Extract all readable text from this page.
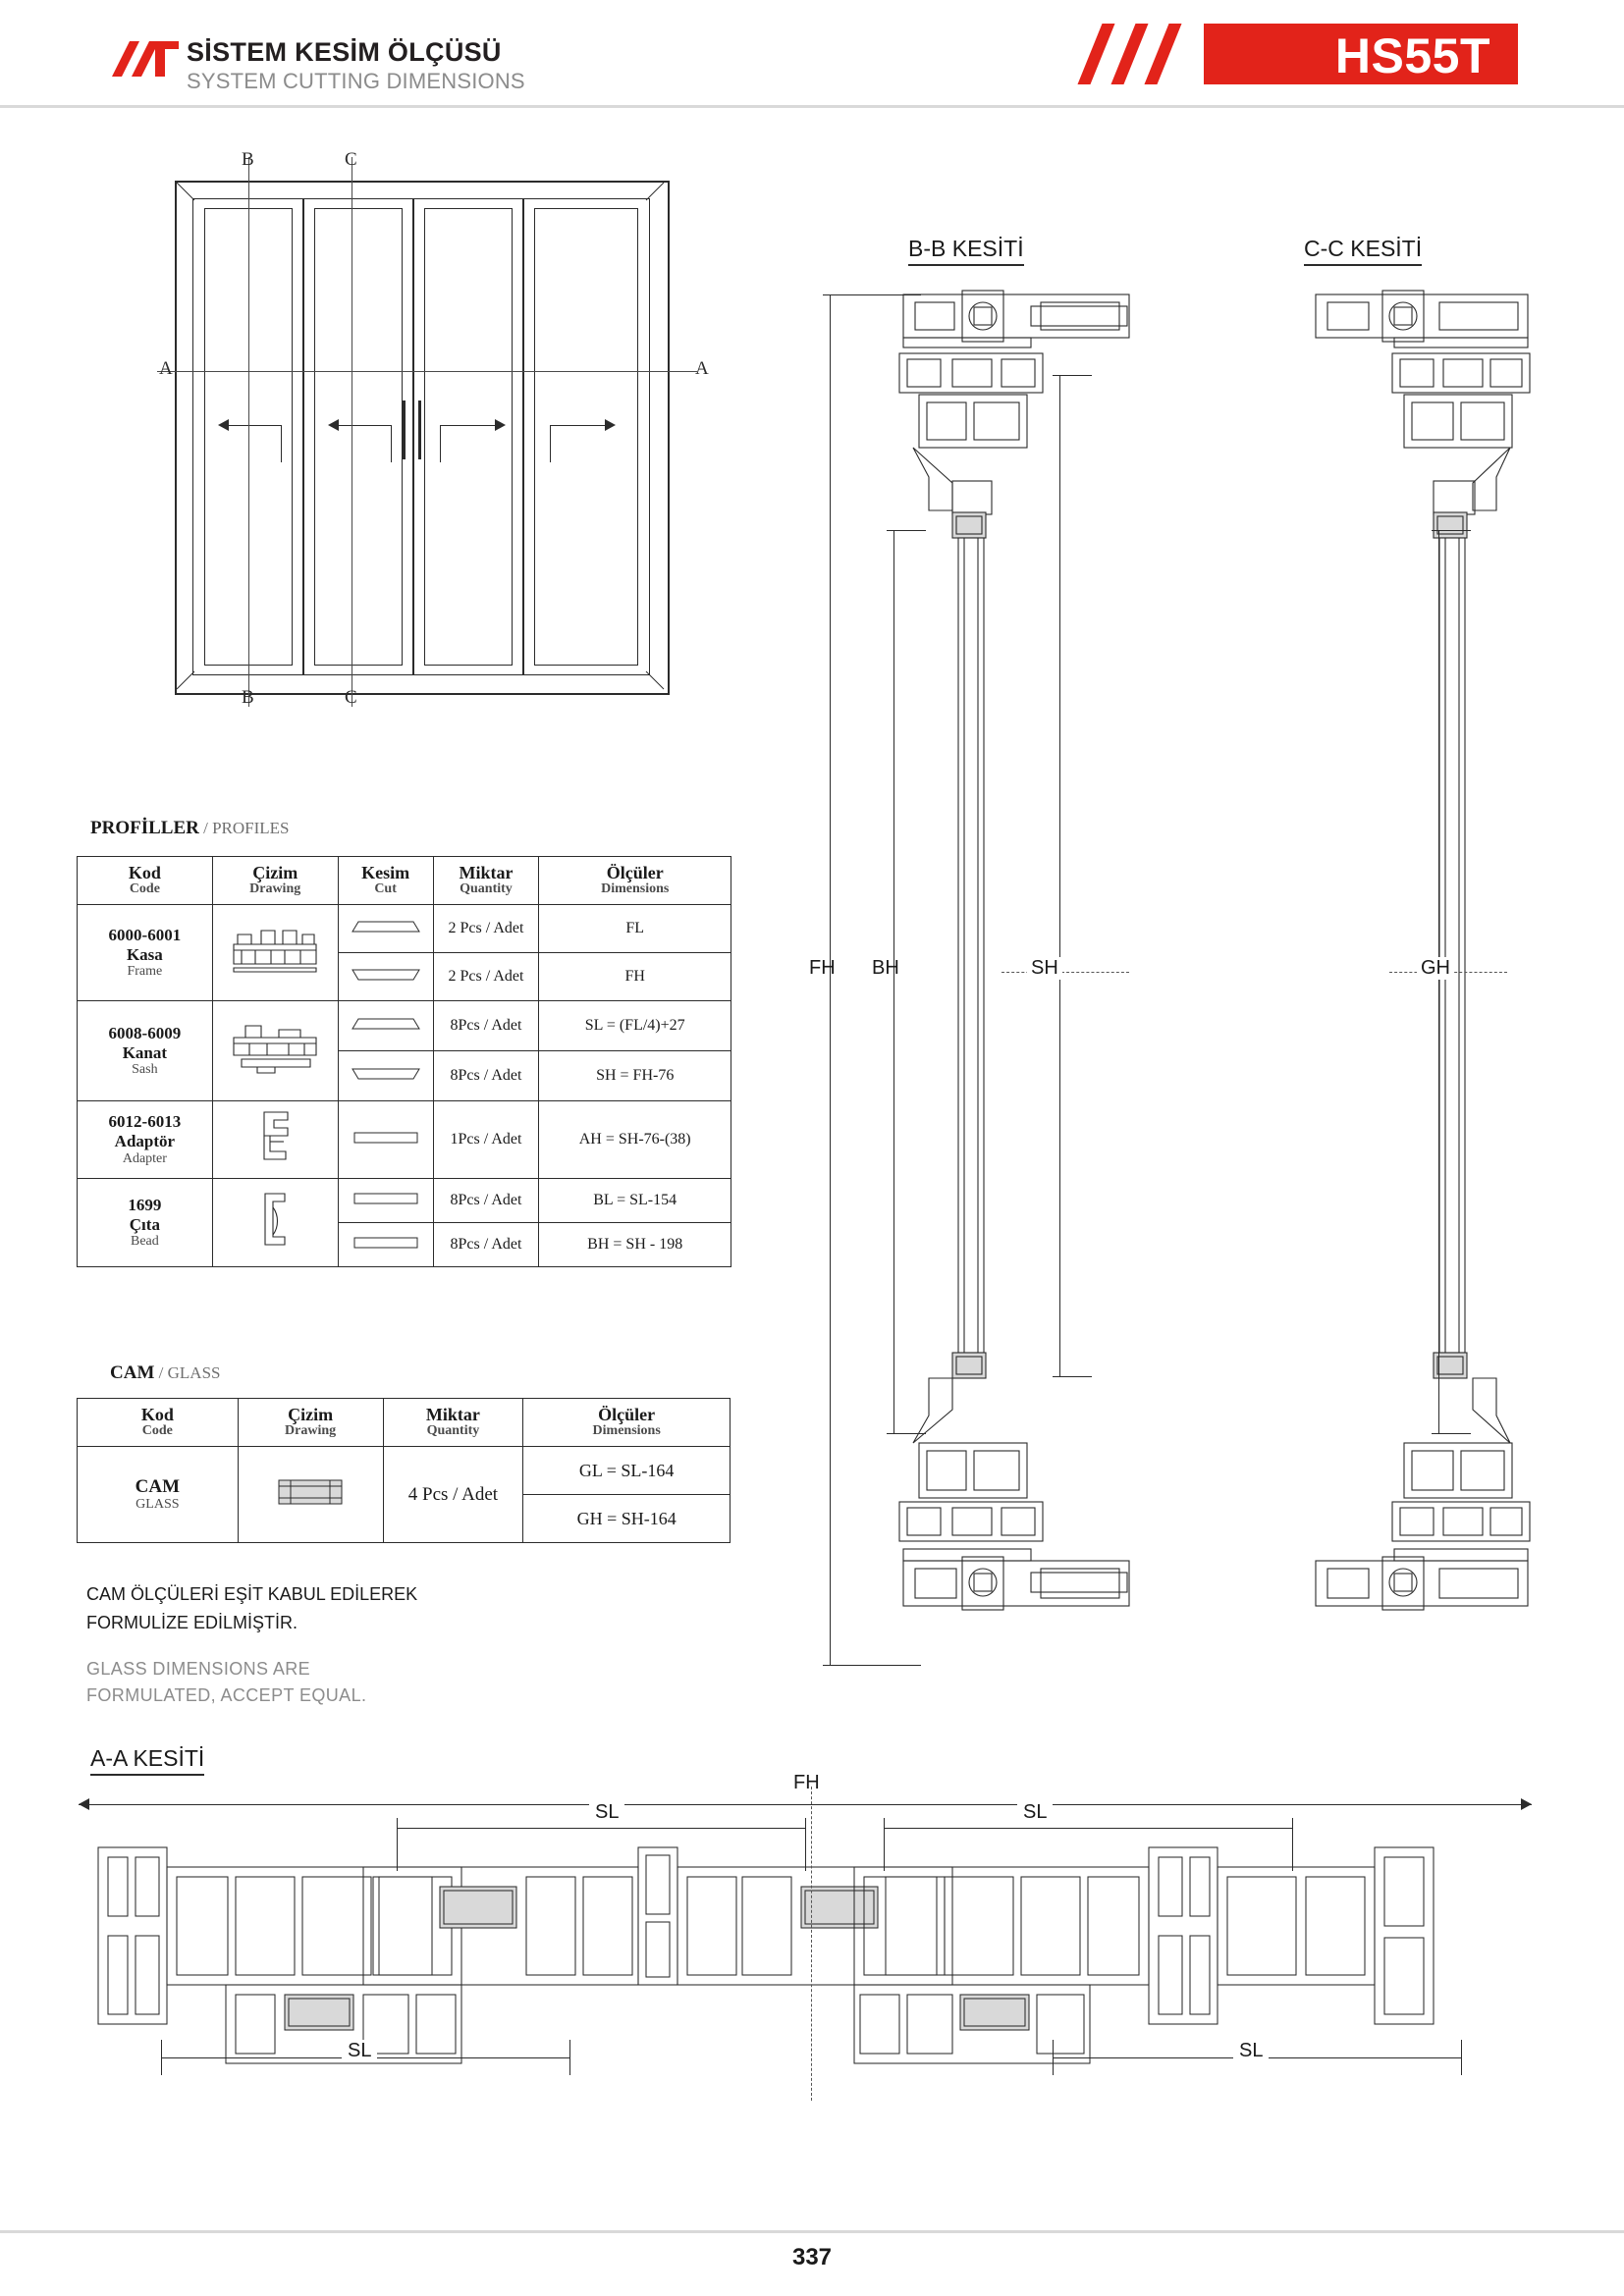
SİSTEM KESİM ÖLÇÜSÜ
SYSTEM CUTTING DIMENSIONS	HS55T
B	C
B	C
A	A
PROFİLLER / PROFILES
Kod
Code

Çizim
Drawing

Kesim
Cut

Miktar
Quantity

Ölçüler
Dimensions

6000-6001
Kasa
Frame			2 Pcs / Adet	FL

	2 Pcs / Adet	FH

6008-6009
Kanat
Sash			8Pcs / Adet	SL = (FL/4)+27

	8Pcs / Adet	SH = FH-76

6012-6013
Adaptör
Adapter			1Pcs / Adet	AH = SH-76-(38)

1699
Çıta
Bead			8Pcs / Adet	BL = SL-154

	8Pcs / Adet	BH = SH - 198
CAM / GLASS
Kod
Code

Çizim
Drawing

Miktar
Quantity

Ölçüler
Dimensions

CAM
GLASS		4 Pcs / Adet	GL = SL-164
			GH = SH-164
CAM ÖLÇÜLERİ EŞİT KABUL EDİLEREK
FORMULİZE EDİLMİŞTİR.
GLASS DIMENSIONS ARE
FORMULATED, ACCEPT EQUAL.
B-B KESİTİ
FH BH	SH
C-C KESİTİ
GH
A-A KESİTİ
SL
FH
SL
SL	SL
337
